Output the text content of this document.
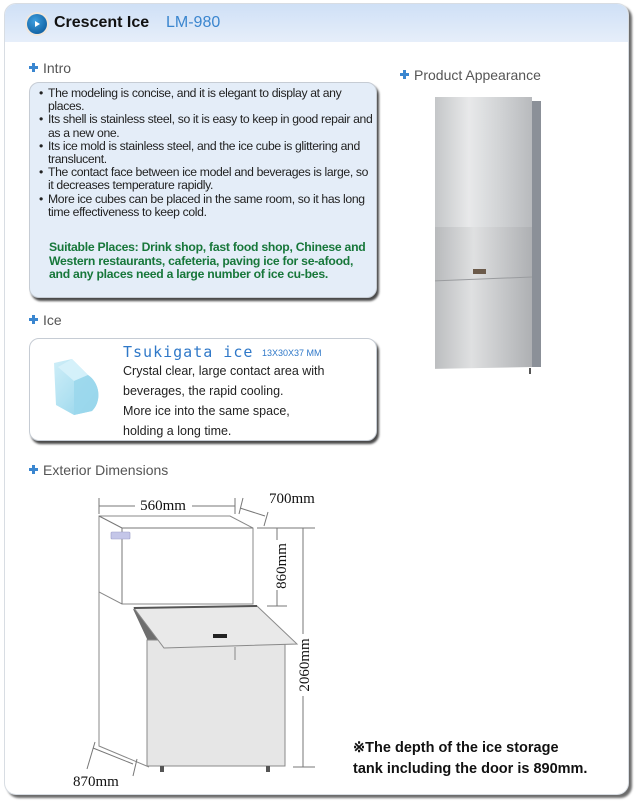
Crescent Ice LM-980
Intro
• The modeling is concise, and it is elegant to display at any places.
• Its shell is stainless steel, so it is easy to keep in good repair and as a new one.
• Its ice mold is stainless steel, and the ice cube is glittering and translucent.
• The contact face between ice model and beverages is large, so it decreases temperature rapidly.
• More ice cubes can be placed in the same room, so it has long time effectiveness to keep cold.
Suitable Places: Drink shop, fast food shop, Chinese and Western restaurants, cafeteria, paving ice for se-afood, and any places need a large number of ice cu-bes.
Ice
Tsukigata ice 13X30X37 MM
Crystal clear, large contact area with
beverages, the rapid cooling.
More ice into the same space,
holding a long time.
Product Appearance
Exterior Dimensions
560mm	700mm
860mm
2060mm
870mm
※The depth of the ice storage
tank including the door is 890mm.
